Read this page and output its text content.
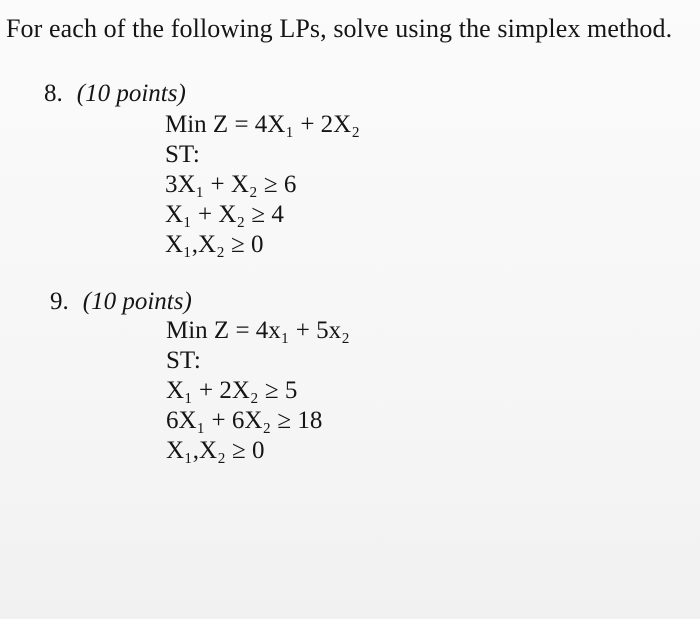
For each of the following LPs, solve using the simplex method.
8. (10 points)
Min Z = 4X₁ + 2X₂
ST:
3X₁ + X₂ ≥ 6
X₁ + X₂ ≥ 4
X₁,X₂ ≥ 0
9. (10 points)
Min Z = 4x₁ + 5x₂
ST:
X₁ + 2X₂ ≥ 5
6X₁ + 6X₂ ≥ 18
X₁,X₂ ≥ 0
